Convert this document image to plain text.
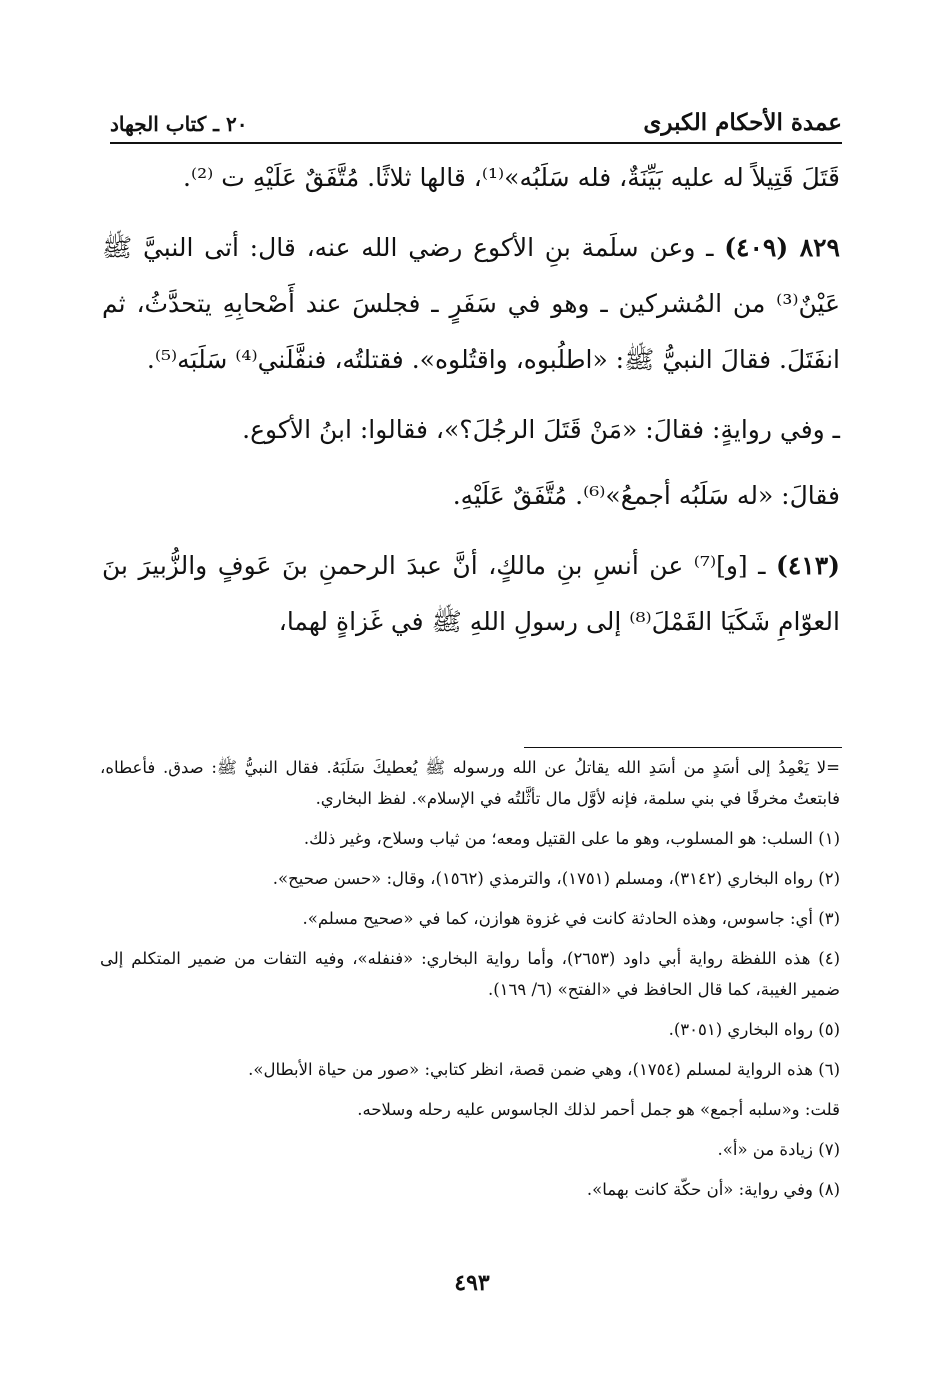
عمدة الأحكام الكبرى
٢٠ ـ كتاب الجهاد

قَتَلَ قَتِيلاً له عليه بَيِّنَةٌ، فله سَلَبُه»⁽¹⁾، قالها ثلاثًا. مُتَّفَقٌ عَلَيْهِ ت ⁽²⁾.

٨٢٩ (٤٠٩) ـ وعن سلَمة بنِ الأكوع رضي الله عنه، قال: أتى النبيَّ ﷺ عَيْنٌ⁽³⁾ من المُشركين ـ وهو في سَفَرٍ ـ فجلسَ عند أَصْحابِهِ يتحدَّثُ، ثم انفَتَلَ. فقالَ النبيُّ ﷺ: «اطلُبوه، واقتُلوه». فقتلتُه، فنفَّلَني⁽⁴⁾ سَلَبَه⁽⁵⁾.

ـ وفي روايةٍ: فقالَ: «مَنْ قَتَلَ الرجُلَ؟»، فقالوا: ابنُ الأكوع.

فقالَ: «له سَلَبُه أجمعُ»⁽⁶⁾. مُتَّفَقٌ عَلَيْهِ.

(٤١٣) ـ [و]⁽⁷⁾ عن أنسِ بنِ مالكٍ، أنَّ عبدَ الرحمنِ بنَ عَوفٍ والزُّبيرَ بنَ العوّامِ شَكَيَا القَمْلَ⁽⁸⁾ إلى رسولِ اللهِ ﷺ في غَزاةٍ لهما،

=لا يَعْمِدُ إلى أسَدٍ من أسَدِ الله يقاتلُ عن الله ورسوله ﷺ يُعطيكَ سَلَبَهُ. فقال النبيُّ ﷺ: صدق. فأعطاه، فابتعتُ مخرفًا في بني سلمة، فإنه لأوَّل مال تأثَّلتُه في الإسلام». لفظ البخاري.

(١) السلب: هو المسلوب، وهو ما على القتيل ومعه؛ من ثياب وسلاح، وغير ذلك.

(٢) رواه البخاري (٣١٤٢)، ومسلم (١٧٥١)، والترمذي (١٥٦٢)، وقال: «حسن صحيح».

(٣) أي: جاسوس، وهذه الحادثة كانت في غزوة هوازن، كما في «صحيح مسلم».

(٤) هذه اللفظة رواية أبي داود (٢٦٥٣)، وأما رواية البخاري: «فنفله»، وفيه التفات من ضمير المتكلم إلى ضمير الغيبة، كما قال الحافظ في «الفتح» (٦/ ١٦٩).

(٥) رواه البخاري (٣٠٥١).

(٦) هذه الرواية لمسلم (١٧٥٤)، وهي ضمن قصة، انظر كتابي: «صور من حياة الأبطال».

قلت: و«سلبه أجمع» هو جمل أحمر لذلك الجاسوس عليه رحله وسلاحه.

(٧) زيادة من «أ».

(٨) وفي رواية: «أن حكّة كانت بهما».

٤٩٣
